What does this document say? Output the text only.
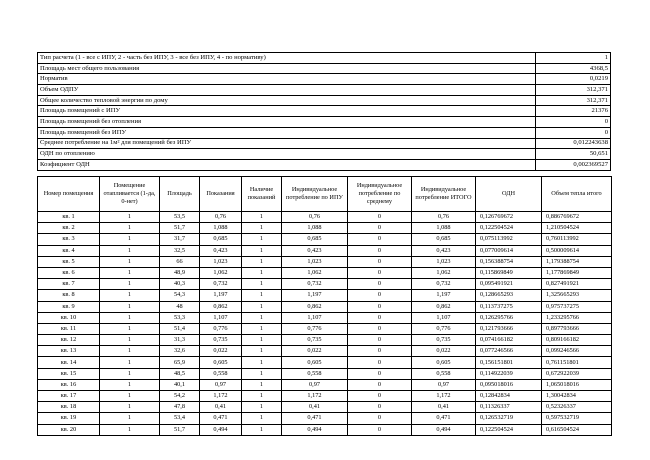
Тип расчета (1 - все с ИПУ, 2 - часть без ИПУ, 3 - все без ИПУ, 4 - по нормативу)	1
Площадь мест общего пользования	4368,5
Норматив	0,0219
Объем ОДПУ	312,371
Общее количество тепловой энергии по дому	312,371
Площадь помещений с ИПУ	21376
Площадь помещений без отопления	0
Площадь помещений без ИПУ	0
Среднее потребление на 1м² для помещений без ИПУ	0,012243638
ОДН по отоплению	50,651
Коэфициент ОДН	0,002369527
Номер помещения	Помещение отапливается (1-да, 0-нет)	Площадь	Показания	Наличие показаний	Индивидуальное потребление по ИПУ	Индивидуальное потребление по среднему	Индивидуальное потребление ИТОГО	ОДН	Объем тепла итого
кв. 1	1	53,5	0,76	1	0,76	0	0,76	0,126769672	0,886769672
кв. 2	1	51,7	1,088	1	1,088	0	1,088	0,122504524	1,210504524
кв. 3	1	31,7	0,685	1	0,685	0	0,685	0,075113992	0,760113992
кв. 4	1	32,5	0,423	1	0,423	0	0,423	0,077009614	0,500009614
кв. 5	1	66	1,023	1	1,023	0	1,023	0,156388754	1,179388754
кв. 6	1	48,9	1,062	1	1,062	0	1,062	0,115869849	1,177869849
кв. 7	1	40,3	0,732	1	0,732	0	0,732	0,095491921	0,827491921
кв. 8	1	54,3	1,197	1	1,197	0	1,197	0,128665293	1,325665293
кв. 9	1	48	0,862	1	0,862	0	0,862	0,113737275	0,975737275
кв. 10	1	53,3	1,107	1	1,107	0	1,107	0,126295766	1,233295766
кв. 11	1	51,4	0,776	1	0,776	0	0,776	0,121793666	0,897793666
кв. 12	1	31,3	0,735	1	0,735	0	0,735	0,074166182	0,809166182
кв. 13	1	32,6	0,022	1	0,022	0	0,022	0,077246566	0,099246566
кв. 14	1	65,9	0,605	1	0,605	0	0,605	0,156151801	0,761151801
кв. 15	1	48,5	0,558	1	0,558	0	0,558	0,114922039	0,672922039
кв. 16	1	40,1	0,97	1	0,97	0	0,97	0,095018016	1,065018016
кв. 17	1	54,2	1,172	1	1,172	0	1,172	0,12842834	1,30042834
кв. 18	1	47,8	0,41	1	0,41	0	0,41	0,11326337	0,52326337
кв. 19	1	53,4	0,471	1	0,471	0	0,471	0,126532719	0,597532719
кв. 20	1	51,7	0,494	1	0,494	0	0,494	0,122504524	0,616504524
